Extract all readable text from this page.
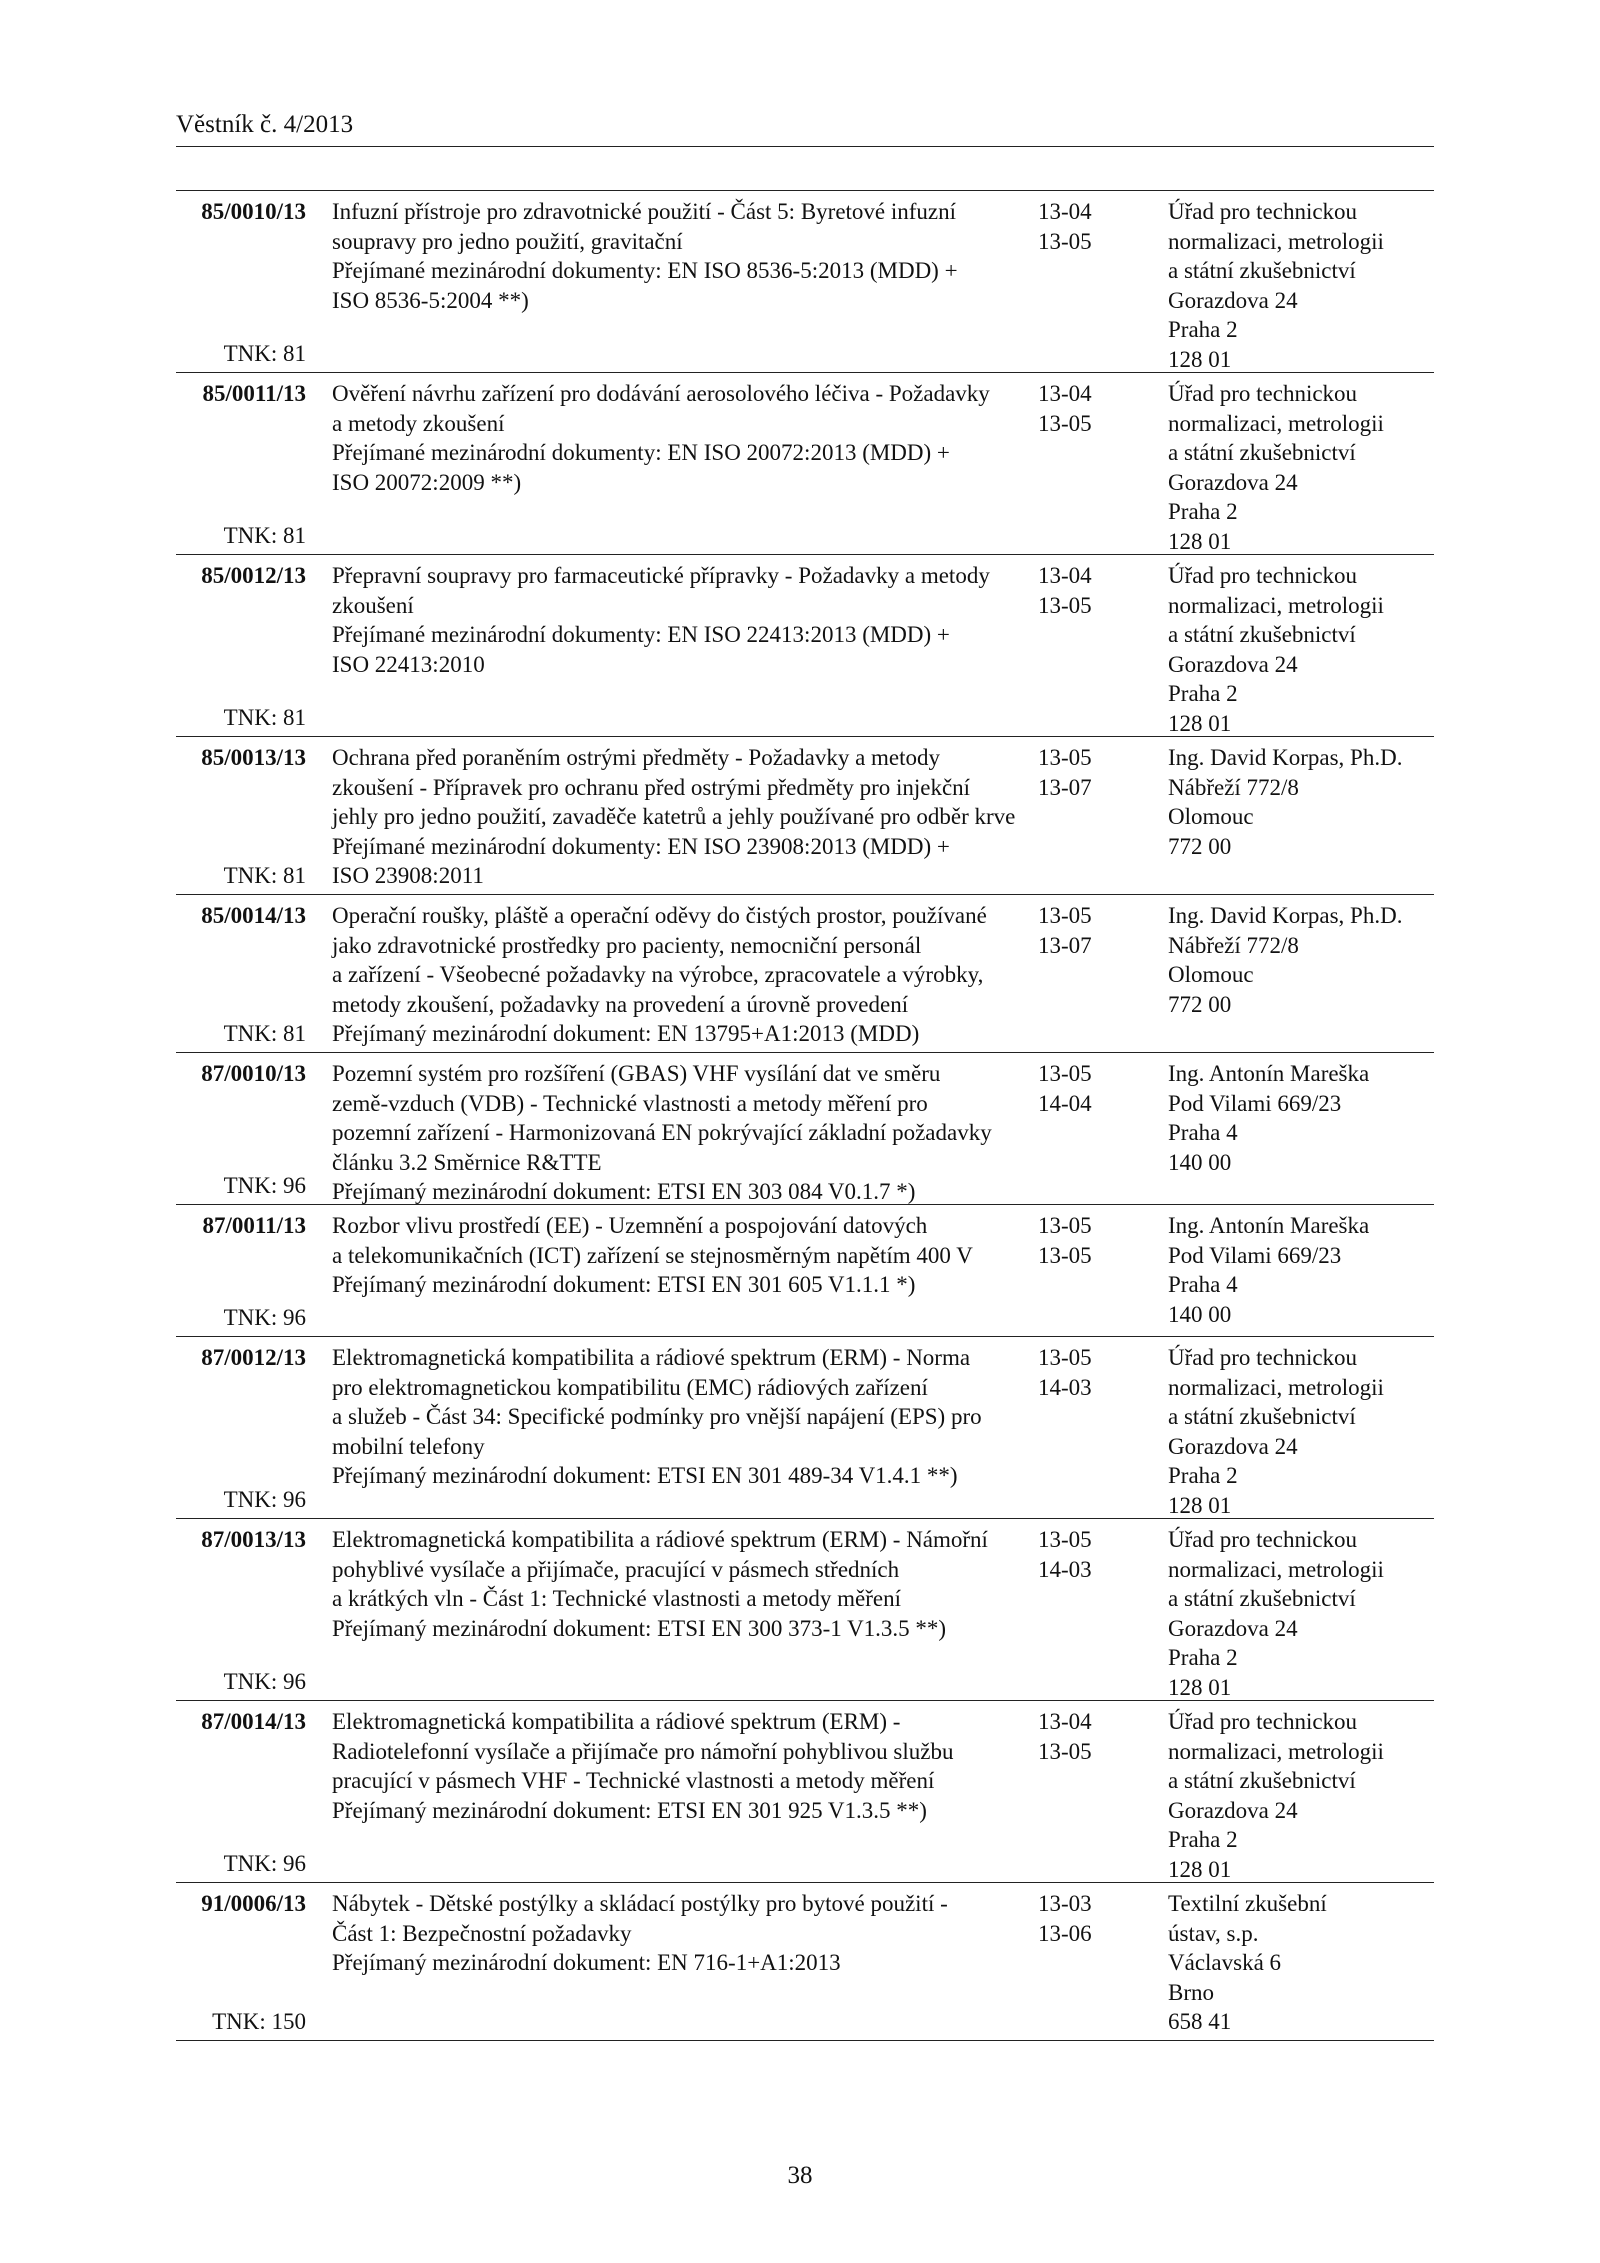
Věstník č. 4/2013
85/0010/13
TNK: 81
Infuzní přístroje pro zdravotnické použití - Část 5: Byretové infuzní
soupravy pro jedno použití, gravitační
Přejímané mezinárodní dokumenty: EN ISO 8536-5:2013 (MDD) +
ISO 8536-5:2004 **)
13-04
13-05
Úřad pro technickou
normalizaci, metrologii
a státní zkušebnictví
Gorazdova 24
Praha 2
128 01
85/0011/13
TNK: 81
Ověření návrhu zařízení pro dodávání aerosolového léčiva - Požadavky
a metody zkoušení
Přejímané mezinárodní dokumenty: EN ISO 20072:2013 (MDD) +
ISO 20072:2009 **)
13-04
13-05
Úřad pro technickou
normalizaci, metrologii
a státní zkušebnictví
Gorazdova 24
Praha 2
128 01
85/0012/13
TNK: 81
Přepravní soupravy pro farmaceutické přípravky - Požadavky a metody
zkoušení
Přejímané mezinárodní dokumenty: EN ISO 22413:2013 (MDD) +
ISO 22413:2010
13-04
13-05
Úřad pro technickou
normalizaci, metrologii
a státní zkušebnictví
Gorazdova 24
Praha 2
128 01
85/0013/13
TNK: 81
Ochrana před poraněním ostrými předměty - Požadavky a metody
zkoušení - Přípravek pro ochranu před ostrými předměty pro injekční
jehly pro jedno použití, zavaděče katetrů a jehly používané pro odběr krve
Přejímané mezinárodní dokumenty: EN ISO 23908:2013 (MDD) +
ISO 23908:2011
13-05
13-07
Ing. David Korpas, Ph.D.
Nábřeží 772/8
Olomouc
772 00
85/0014/13
TNK: 81
Operační roušky, pláště a operační oděvy do čistých prostor, používané
jako zdravotnické prostředky pro pacienty, nemocniční personál
a zařízení - Všeobecné požadavky na výrobce, zpracovatele a výrobky,
metody zkoušení, požadavky na provedení a úrovně provedení
Přejímaný mezinárodní dokument: EN 13795+A1:2013 (MDD)
13-05
13-07
Ing. David Korpas, Ph.D.
Nábřeží 772/8
Olomouc
772 00
87/0010/13
TNK: 96
Pozemní systém pro rozšíření (GBAS) VHF vysílání dat ve směru
země-vzduch (VDB) - Technické vlastnosti a metody měření pro
pozemní zařízení - Harmonizovaná EN pokrývající základní požadavky
článku 3.2 Směrnice R&TTE
Přejímaný mezinárodní dokument: ETSI EN 303 084 V0.1.7 *)
13-05
14-04
Ing. Antonín Mareška
Pod Vilami 669/23
Praha 4
140 00
87/0011/13
TNK: 96
Rozbor vlivu prostředí (EE) - Uzemnění a pospojování datových
a telekomunikačních (ICT) zařízení se stejnosměrným napětím 400 V
Přejímaný mezinárodní dokument: ETSI EN 301 605 V1.1.1 *)
13-05
13-05
Ing. Antonín Mareška
Pod Vilami 669/23
Praha 4
140 00
87/0012/13
TNK: 96
Elektromagnetická kompatibilita a rádiové spektrum (ERM) - Norma
pro elektromagnetickou kompatibilitu (EMC) rádiových zařízení
a služeb - Část 34: Specifické podmínky pro vnější napájení (EPS) pro
mobilní telefony
Přejímaný mezinárodní dokument: ETSI EN 301 489-34 V1.4.1 **)
13-05
14-03
Úřad pro technickou
normalizaci, metrologii
a státní zkušebnictví
Gorazdova 24
Praha 2
128 01
87/0013/13
TNK: 96
Elektromagnetická kompatibilita a rádiové spektrum (ERM) - Námořní
pohyblivé vysílače a přijímače, pracující v pásmech středních
a krátkých vln - Část 1: Technické vlastnosti a metody měření
Přejímaný mezinárodní dokument: ETSI EN 300 373-1 V1.3.5 **)
13-05
14-03
Úřad pro technickou
normalizaci, metrologii
a státní zkušebnictví
Gorazdova 24
Praha 2
128 01
87/0014/13
TNK: 96
Elektromagnetická kompatibilita a rádiové spektrum (ERM) -
Radiotelefonní vysílače a přijímače pro námořní pohyblivou službu
pracující v pásmech VHF - Technické vlastnosti a metody měření
Přejímaný mezinárodní dokument: ETSI EN 301 925 V1.3.5 **)
13-04
13-05
Úřad pro technickou
normalizaci, metrologii
a státní zkušebnictví
Gorazdova 24
Praha 2
128 01
91/0006/13
TNK: 150
Nábytek - Dětské postýlky a skládací postýlky pro bytové použití -
Část 1: Bezpečnostní požadavky
Přejímaný mezinárodní dokument: EN 716-1+A1:2013
13-03
13-06
Textilní zkušební
ústav, s.p.
Václavská 6
Brno
658 41
38
